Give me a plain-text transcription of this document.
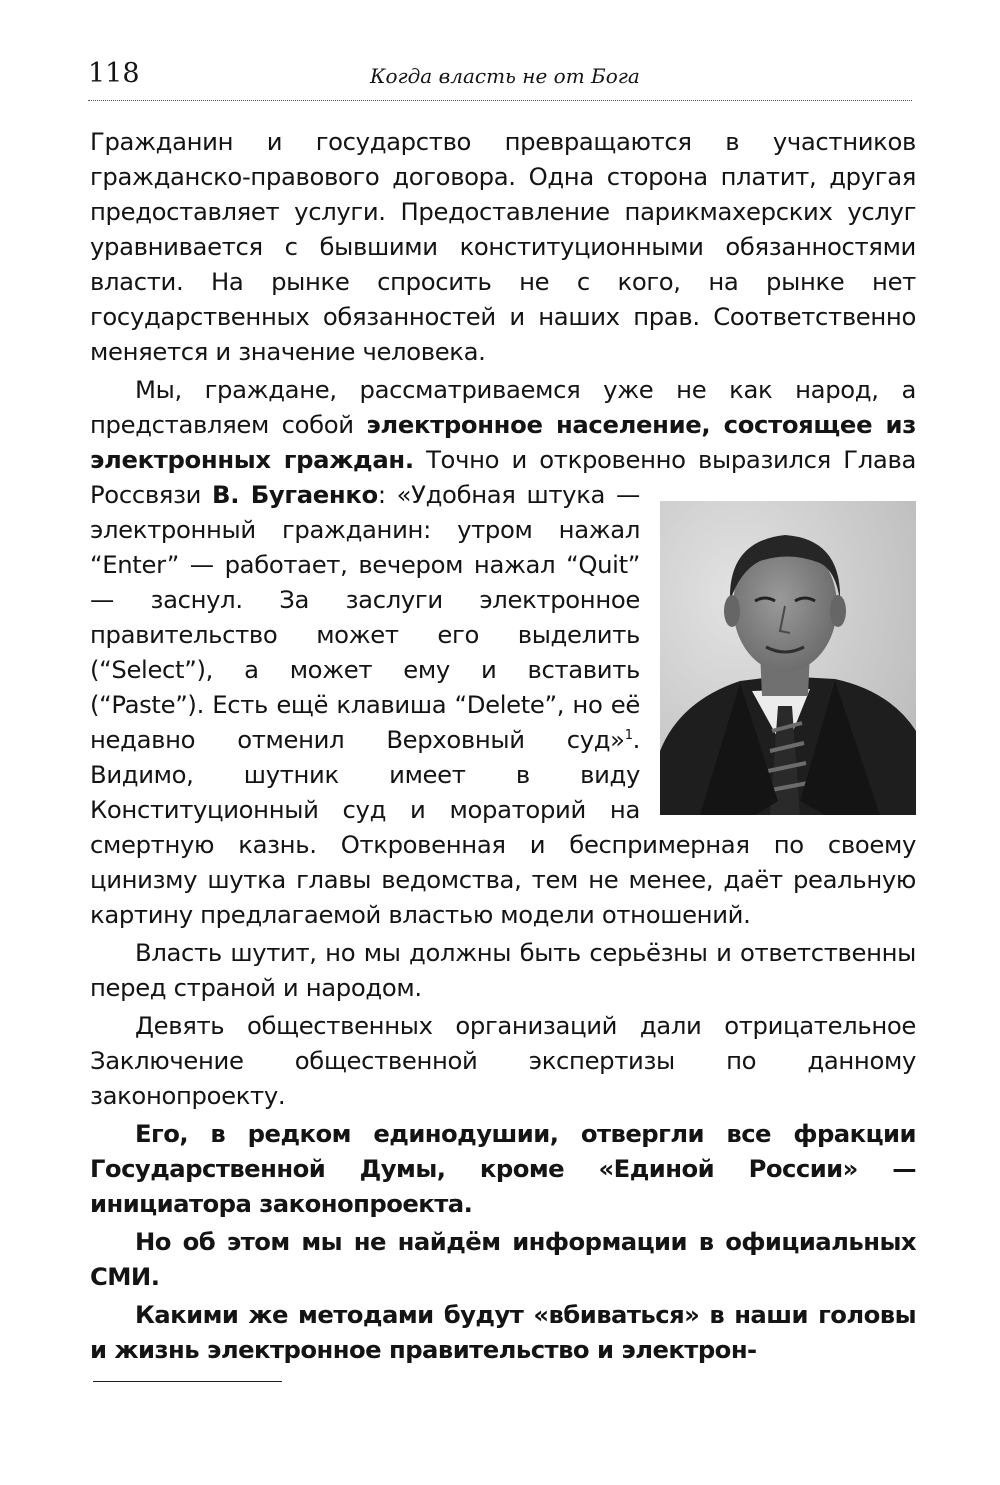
118	Когда власть не от Бога

Гражданин и государство превращаются в участников гражданско-правового договора. Одна сторона платит, другая предоставляет услуги. Предоставление парикмахерских услуг уравнивается с бывшими конституционными обязанностями власти. На рынке спросить не с кого, на рынке нет государственных обязанностей и наших прав. Соответственно меняется и значение человека.

Мы, граждане, рассматриваемся уже не как народ, а представляем собой электронное население, состоящее из электронных граждан. Точно и откровенно выразился Глава Россвязи
В. Бугаенко: «Удобная штука — электронный гражданин: утром нажал “Enter” — работает, вечером нажал “Quit” — заснул. За заслуги электронное правительство может его выделить (“Select”), а может ему и вставить (“Paste”). Есть ещё клавиша “Delete”, но её недавно отменил Верховный суд»$^1$. Видимо, шутник имеет в виду Конституционный суд и мораторий на смертную казнь. Откровенная и беспримерная по своему цинизму шутка главы ведомства, тем не менее, даёт реальную картину предлагаемой властью модели отношений.

Власть шутит, но мы должны быть серьёзны и ответственны перед страной и народом.

Девять общественных организаций дали отрицательное Заключение общественной экспертизы по данному законопроекту.

Его, в редком единодушии, отвергли все фракции Государственной Думы, кроме «Единой России» — инициатора законопроекта.

Но об этом мы не найдём информации в официальных СМИ.

Какими же методами будут «вбиваться» в наши головы и жизнь электронное правительство и электрон-
